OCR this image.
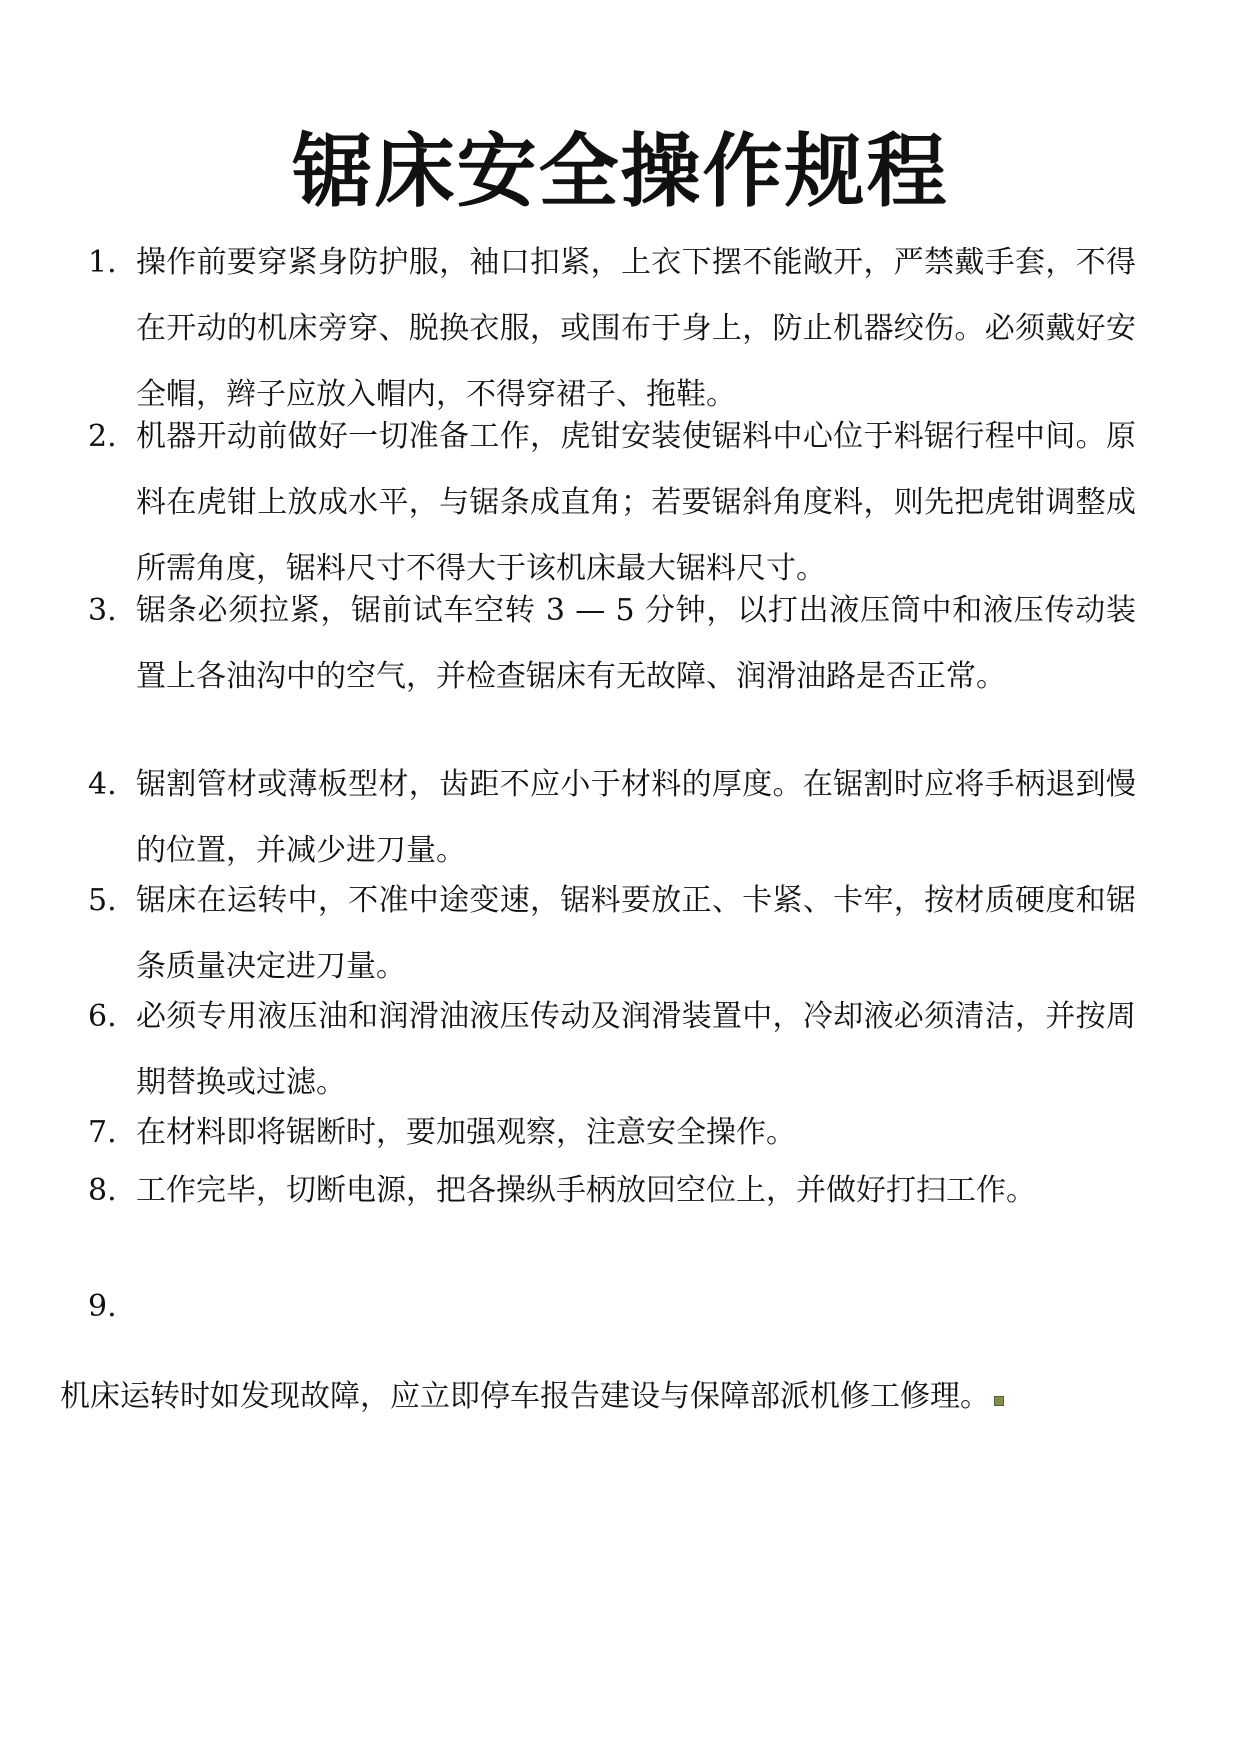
锯床安全操作规程
1. 操作前要穿紧身防护服，袖口扣紧，上衣下摆不能敞开，严禁戴手套，不得在开动的机床旁穿、脱换衣服，或围布于身上，防止机器绞伤。必须戴好安全帽，辫子应放入帽内，不得穿裙子、拖鞋。
2. 机器开动前做好一切准备工作，虎钳安装使锯料中心位于料锯行程中间。原料在虎钳上放成水平，与锯条成直角；若要锯斜角度料，则先把虎钳调整成所需角度，锯料尺寸不得大于该机床最大锯料尺寸。
3. 锯条必须拉紧，锯前试车空转 3 — 5 分钟，以打出液压筒中和液压传动装置上各油沟中的空气，并检查锯床有无故障、润滑油路是否正常。
4. 锯割管材或薄板型材，齿距不应小于材料的厚度。在锯割时应将手柄退到慢的位置，并减少进刀量。
5. 锯床在运转中，不准中途变速，锯料要放正、卡紧、卡牢，按材质硬度和锯条质量决定进刀量。
6. 必须专用液压油和润滑油液压传动及润滑装置中，冷却液必须清洁，并按周期替换或过滤。
7. 在材料即将锯断时，要加强观察，注意安全操作。
8. 工作完毕，切断电源，把各操纵手柄放回空位上，并做好打扫工作。
机床运转时如发现故障，应立即停车报告建设与保障部派机修工修理。
9.
